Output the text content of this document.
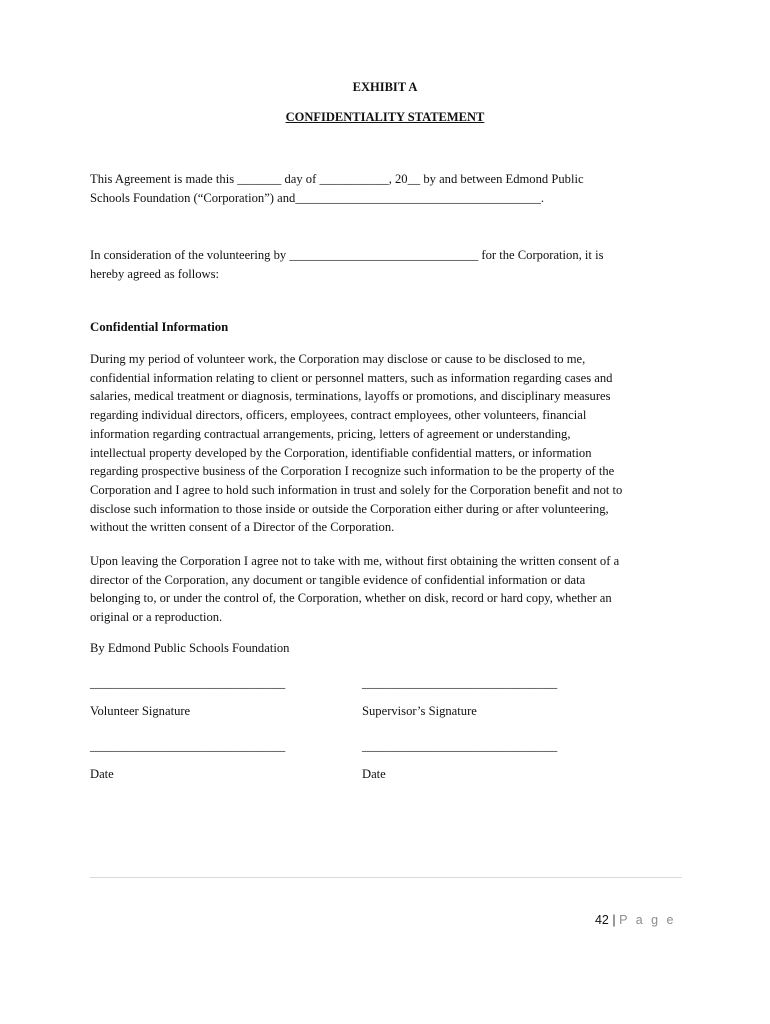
EXHIBIT A
CONFIDENTIALITY STATEMENT
This Agreement is made this _______ day of ___________, 20__ by and between Edmond Public
Schools Foundation (“Corporation”) and_______________________________________.
In consideration of the volunteering by ______________________________ for the Corporation, it is
hereby agreed as follows:
Confidential Information
During my period of volunteer work, the Corporation may disclose or cause to be disclosed to me,
confidential information relating to client or personnel matters, such as information regarding cases and
salaries, medical treatment or diagnosis, terminations, layoffs or promotions, and disciplinary measures
regarding individual directors, officers, employees, contract employees, other volunteers, financial
information regarding contractual arrangements, pricing, letters of agreement or understanding,
intellectual property developed by the Corporation, identifiable confidential matters, or information
regarding prospective business of the Corporation I recognize such information to be the property of the
Corporation and I agree to hold such information in trust and solely for the Corporation benefit and not to
disclose such information to those inside or outside the Corporation either during or after volunteering,
without the written consent of a Director of the Corporation.
Upon leaving the Corporation I agree not to take with me, without first obtaining the written consent of a
director of the Corporation, any document or tangible evidence of confidential information or data
belonging to, or under the control of, the Corporation, whether on disk, record or hard copy, whether an
original or a reproduction.
By Edmond Public Schools Foundation
_______________________________	_______________________________
Volunteer Signature	Supervisor’s Signature
_______________________________	_______________________________
Date	Date
42 | P a g e
